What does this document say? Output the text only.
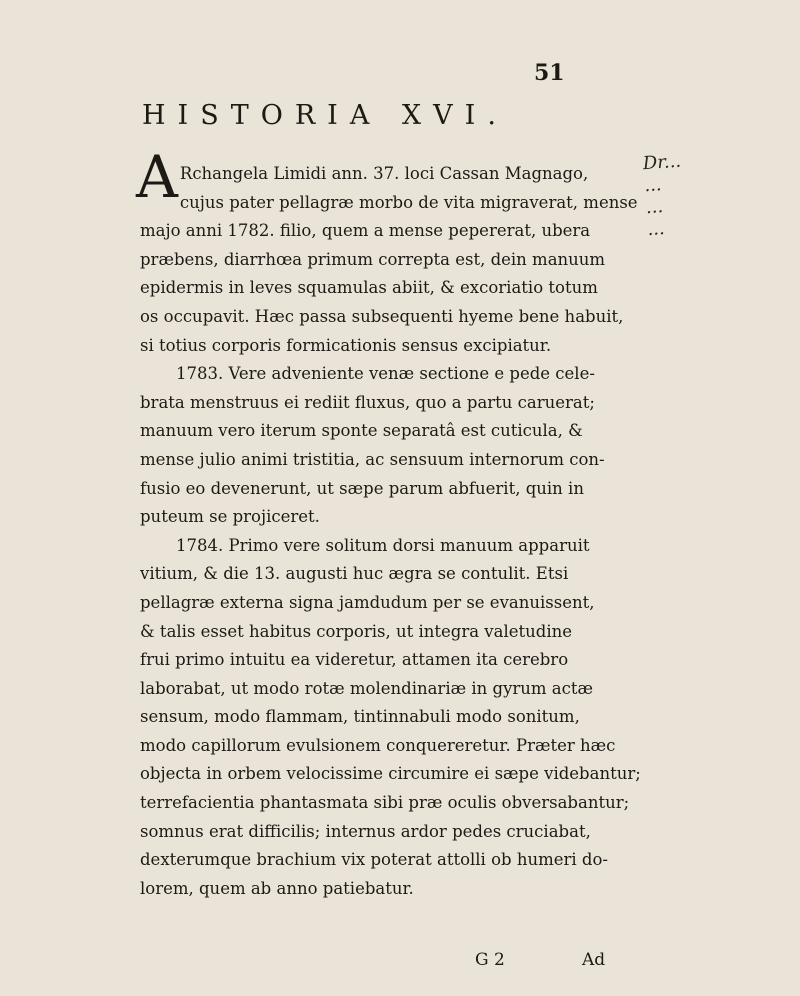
51
HISTORIA XVI.
A Rchangela Limidi ann. 37. loci Cassan Magnago,
cujus pater pellagræ morbo de vita migraverat, mense
majo anni 1782. filio, quem a mense pepererat, ubera
præbens, diarrhœa primum correpta est, dein manuum
epidermis in leves squamulas abiit, & excoriatio totum
os occupavit. Hæc passa subsequenti hyeme bene habuit,
si totius corporis formicationis sensus excipiatur.
1783. Vere adveniente venæ sectione e pede cele-
brata menstruus ei rediit fluxus, quo a partu caruerat;
manuum vero iterum sponte separatâ est cuticula, &
mense julio animi tristitia, ac sensuum internorum con-
fusio eo devenerunt, ut sæpe parum abfuerit, quin in
puteum se projiceret.
1784. Primo vere solitum dorsi manuum apparuit
vitium, & die 13. augusti huc ægra se contulit. Etsi
pellagræ externa signa jamdudum per se evanuissent,
& talis esset habitus corporis, ut integra valetudine
frui primo intuitu ea videretur, attamen ita cerebro
laborabat, ut modo rotæ molendinariæ in gyrum actæ
sensum, modo flammam, tintinnabuli modo sonitum,
modo capillorum evulsionem conquereretur. Præter hæc
objecta in orbem velocissime circumire ei sæpe videbantur;
terrefacientia phantasmata sibi præ oculis obversabantur;
somnus erat difficilis; internus ardor pedes cruciabat,
dexterumque brachium vix poterat attolli ob humeri do-
lorem, quem ab anno patiebatur.
G 2	Ad
Dr...
...
...
...
